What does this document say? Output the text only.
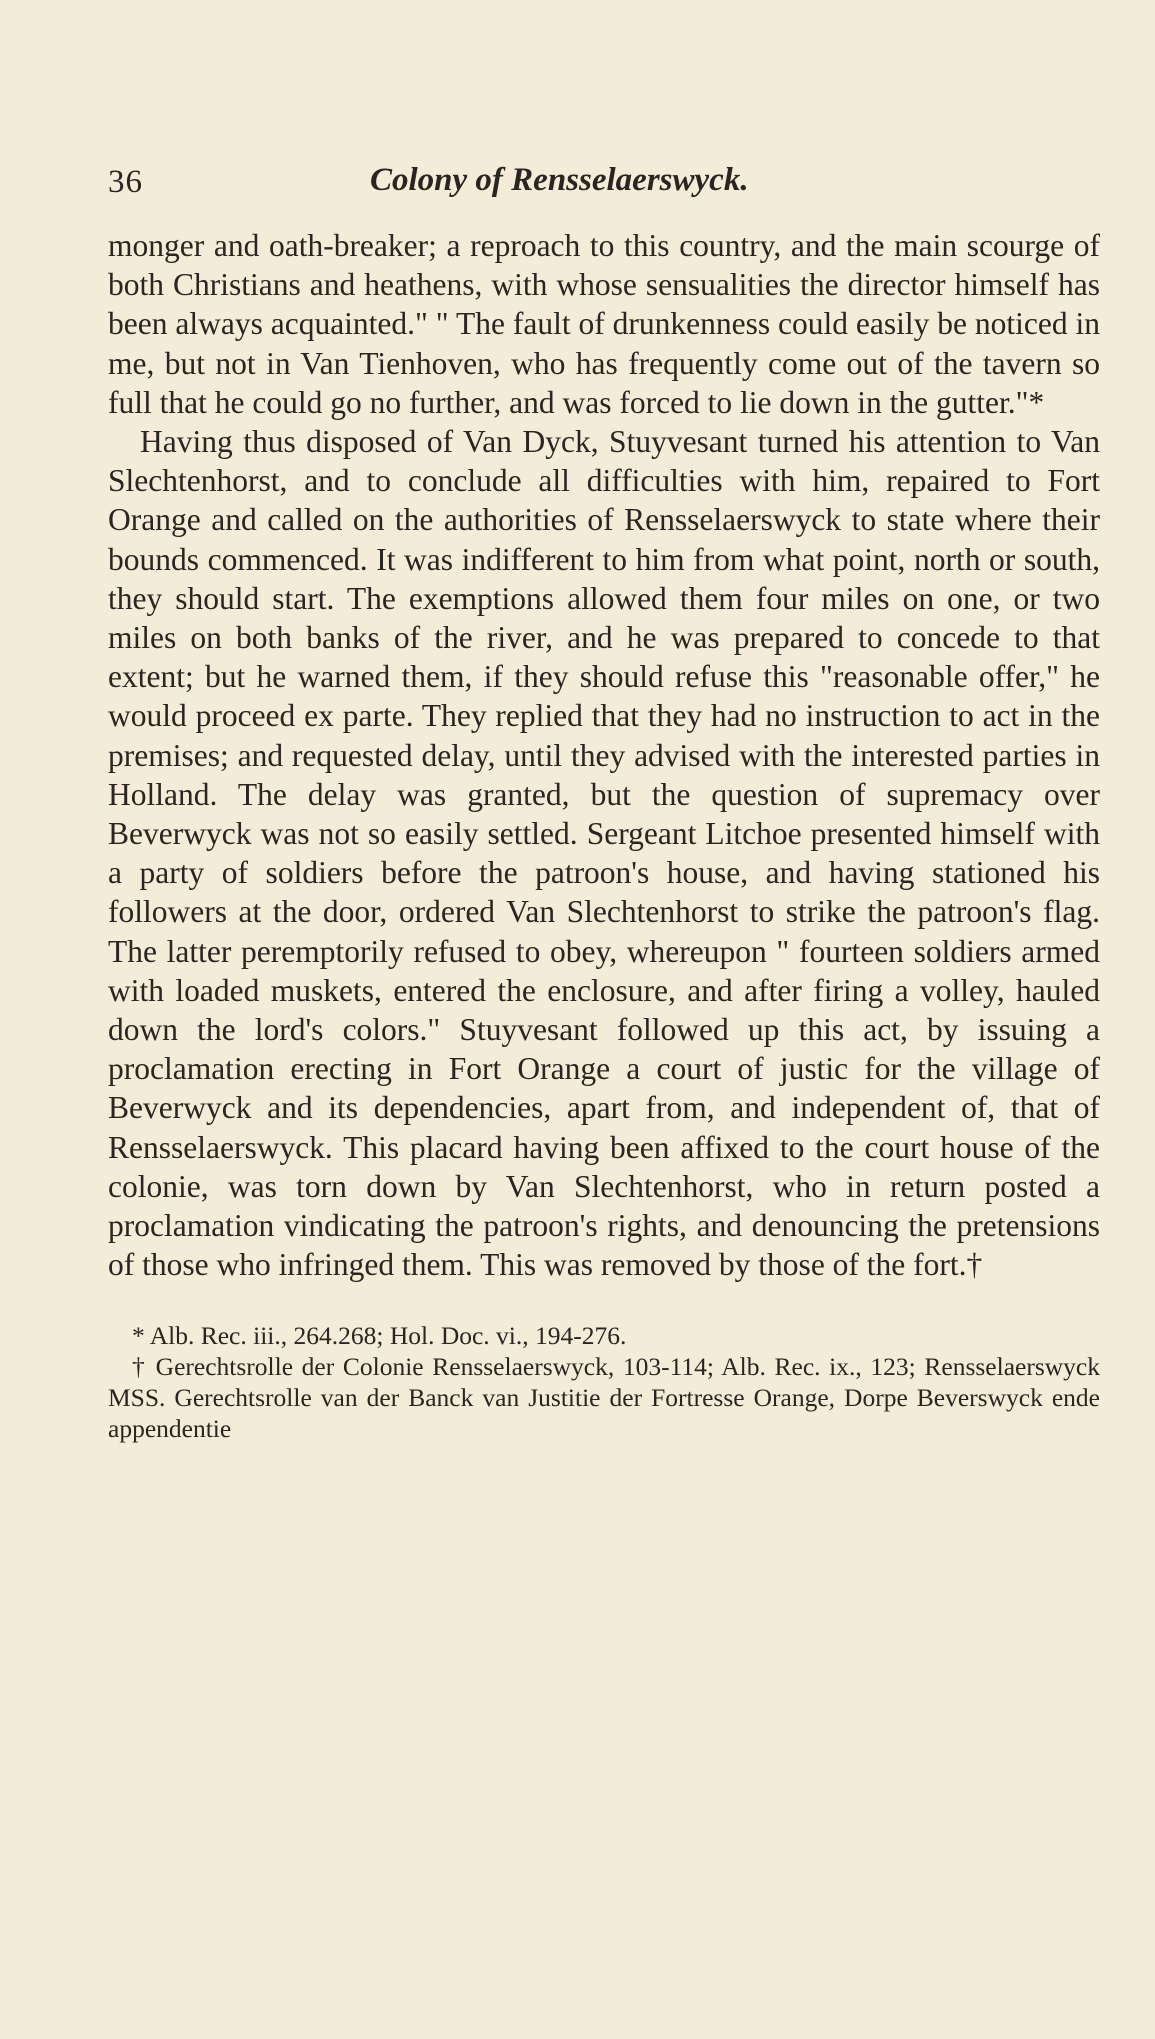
36	Colony of Rensselaerswyck.

monger and oath-breaker; a reproach to this country, and the main scourge of both Christians and heathens, with whose sensualities the director himself has been always acquainted." " The fault of drunkenness could easily be noticed in me, but not in Van Tienhoven, who has frequently come out of the tavern so full that he could go no further, and was forced to lie down in the gutter."*

Having thus disposed of Van Dyck, Stuyvesant turned his attention to Van Slechtenhorst, and to conclude all difficulties with him, repaired to Fort Orange and called on the authorities of Rensselaerswyck to state where their bounds commenced. It was indifferent to him from what point, north or south, they should start. The exemptions allowed them four miles on one, or two miles on both banks of the river, and he was prepared to concede to that extent; but he warned them, if they should refuse this "reasonable offer," he would proceed ex parte. They replied that they had no instruction to act in the premises; and requested delay, until they advised with the interested parties in Holland. The delay was granted, but the question of supremacy over Beverwyck was not so easily settled. Sergeant Litchoe presented himself with a party of soldiers before the patroon's house, and having stationed his followers at the door, ordered Van Slechtenhorst to strike the patroon's flag. The latter peremptorily refused to obey, whereupon " fourteen soldiers armed with loaded muskets, entered the enclosure, and after firing a volley, hauled down the lord's colors." Stuyvesant followed up this act, by issuing a proclamation erecting in Fort Orange a court of justic for the village of Beverwyck and its dependencies, apart from, and independent of, that of Rensselaerswyck. This placard having been affixed to the court house of the colonie, was torn down by Van Slechtenhorst, who in return posted a proclamation vindicating the patroon's rights, and denouncing the pretensions of those who infringed them. This was removed by those of the fort.†

* Alb. Rec. iii., 264.268; Hol. Doc. vi., 194-276.

† Gerechtsrolle der Colonie Rensselaerswyck, 103-114; Alb. Rec. ix., 123; Rensselaerswyck MSS. Gerechtsrolle van der Banck van Justitie der Fortresse Orange, Dorpe Beverswyck ende appendentie
